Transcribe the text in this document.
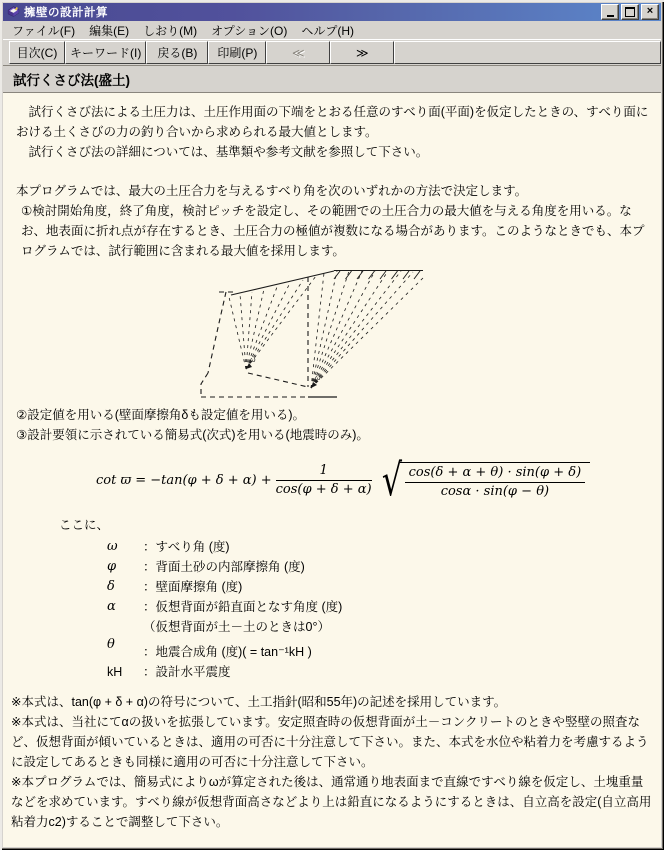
擁壁の設計計算	×
ファイル(F)	編集(E)	しおり(M)	オプション(O)	ヘルプ(H)
目次(C)	キーワード(I)	戻る(B)	印刷(P)	≪	≫
試行くさび法(盛土)

　試行くさび法による土圧力は、土圧作用面の下端をとおる任意のすべり面(平面)を仮定したときの、すべり面における土くさびの力の釣り合いから求められる最大値とします。

　試行くさび法の詳細については、基準類や参考文献を参照して下さい。

本プログラムでは、最大の土圧合力を与えるすべり角を次のいずれかの方法で決定します。

①検討開始角度，終了角度，検討ピッチを設定し、その範囲での土圧合力の最大値を与える角度を用いる。なお、地表面に折れ点が存在するとき、土圧合力の極値が複数になる場合があります。このようなときでも、本プログラムでは、試行範囲に含まれる最大値を採用します。

ω
ω

②設定値を用いる(壁面摩擦角δも設定値を用いる)。

③設計要領に示されている簡易式(次式)を用いる(地震時のみ)。

$\cot ϖ = -\tan(\varphi + \delta + \alpha) + \frac{1}{\cos(\varphi + \delta + \alpha)}$ √ $\frac{\cos(\delta + \alpha + \theta) \cdot \sin(\varphi + \delta)}{\cos\alpha \cdot \sin(\varphi - \theta)}$
ここに、
ω	：すべり角 (度)
φ	：背面土砂の内部摩擦角 (度)
δ	：壁面摩擦角 (度)
α	：仮想背面が鉛直面となす角度 (度)
（仮想背面が土－土のときは0°）
θ	：地震合成角 (度)( = tan⁻¹kH )
kH	：設計水平震度

※本式は、tan(φ + δ + α)の符号について、土工指針(昭和55年)の記述を採用しています。

※本式は、当社にてαの扱いを拡張しています。安定照査時の仮想背面が土－コンクリートのときや竪壁の照査など、仮想背面が傾いているときは、適用の可否に十分注意して下さい。また、本式を水位や粘着力を考慮するように設定してあるときも同様に適用の可否に十分注意して下さい。

※本プログラムでは、簡易式によりωが算定された後は、通常通り地表面まで直線ですべり線を仮定し、土塊重量などを求めています。すべり線が仮想背面高さなどより上は鉛直になるようにするときは、自立高を設定(自立高用粘着力c2)することで調整して下さい。
